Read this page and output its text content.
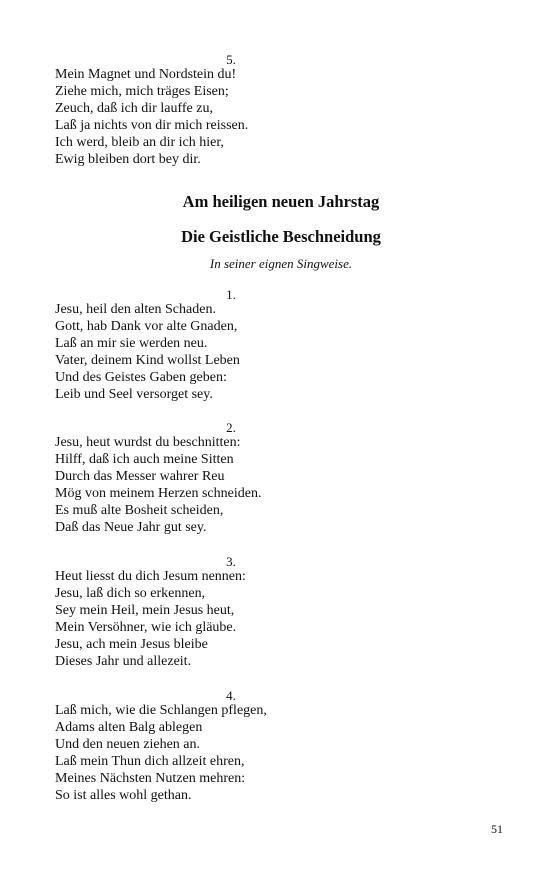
5.
Mein Magnet und Nordstein du!
Ziehe mich, mich träges Eisen;
Zeuch, daß ich dir lauffe zu,
Laß ja nichts von dir mich reissen.
Ich werd, bleib an dir ich hier,
Ewig bleiben dort bey dir.
Am heiligen neuen Jahrstag
Die Geistliche Beschneidung
In seiner eignen Singweise.
1.
Jesu, heil den alten Schaden.
Gott, hab Dank vor alte Gnaden,
Laß an mir sie werden neu.
Vater, deinem Kind wollst Leben
Und des Geistes Gaben geben:
Leib und Seel versorget sey.
2.
Jesu, heut wurdst du beschnitten:
Hilff, daß ich auch meine Sitten
Durch das Messer wahrer Reu
Mög von meinem Herzen schneiden.
Es muß alte Bosheit scheiden,
Daß das Neue Jahr gut sey.
3.
Heut liesst du dich Jesum nennen:
Jesu, laß dich so erkennen,
Sey mein Heil, mein Jesus heut,
Mein Versöhner, wie ich gläube.
Jesu, ach mein Jesus bleibe
Dieses Jahr und allezeit.
4.
Laß mich, wie die Schlangen pflegen,
Adams alten Balg ablegen
Und den neuen ziehen an.
Laß mein Thun dich allzeit ehren,
Meines Nächsten Nutzen mehren:
So ist alles wohl gethan.
51
